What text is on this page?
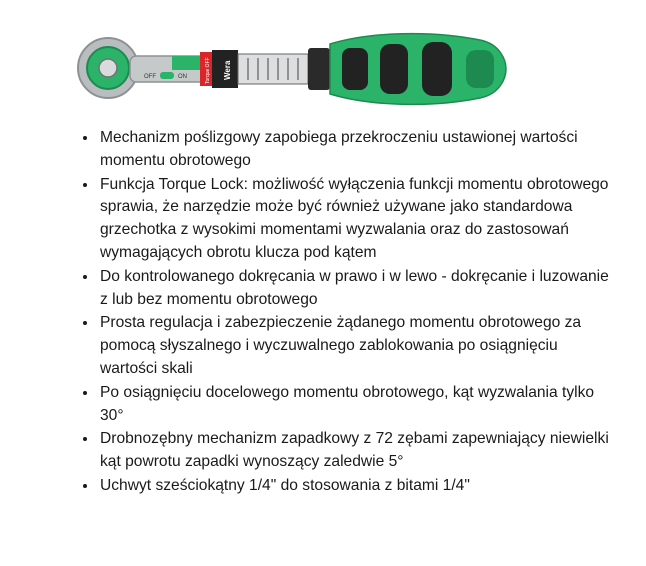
OFF	ON	Torque OFF Wera
• Mechanizm poślizgowy zapobiega przekroczeniu ustawionej wartości momentu obrotowego
• Funkcja Torque Lock: możliwość wyłączenia funkcji momentu obrotowego sprawia, że narzędzie może być również używane jako standardowa grzechotka z wysokimi momentami wyzwalania oraz do zastosowań wymagających obrotu klucza pod kątem
• Do kontrolowanego dokręcania w prawo i w lewo - dokręcanie i luzowanie z lub bez momentu obrotowego
• Prosta regulacja i zabezpieczenie żądanego momentu obrotowego za pomocą słyszalnego i wyczuwalnego zablokowania po osiągnięciu wartości skali
• Po osiągnięciu docelowego momentu obrotowego, kąt wyzwalania tylko 30°
• Drobnozębny mechanizm zapadkowy z 72 zębami zapewniający niewielki kąt powrotu zapadki wynoszący zaledwie 5°
• Uchwyt sześciokątny 1/4" do stosowania z bitami 1/4"
